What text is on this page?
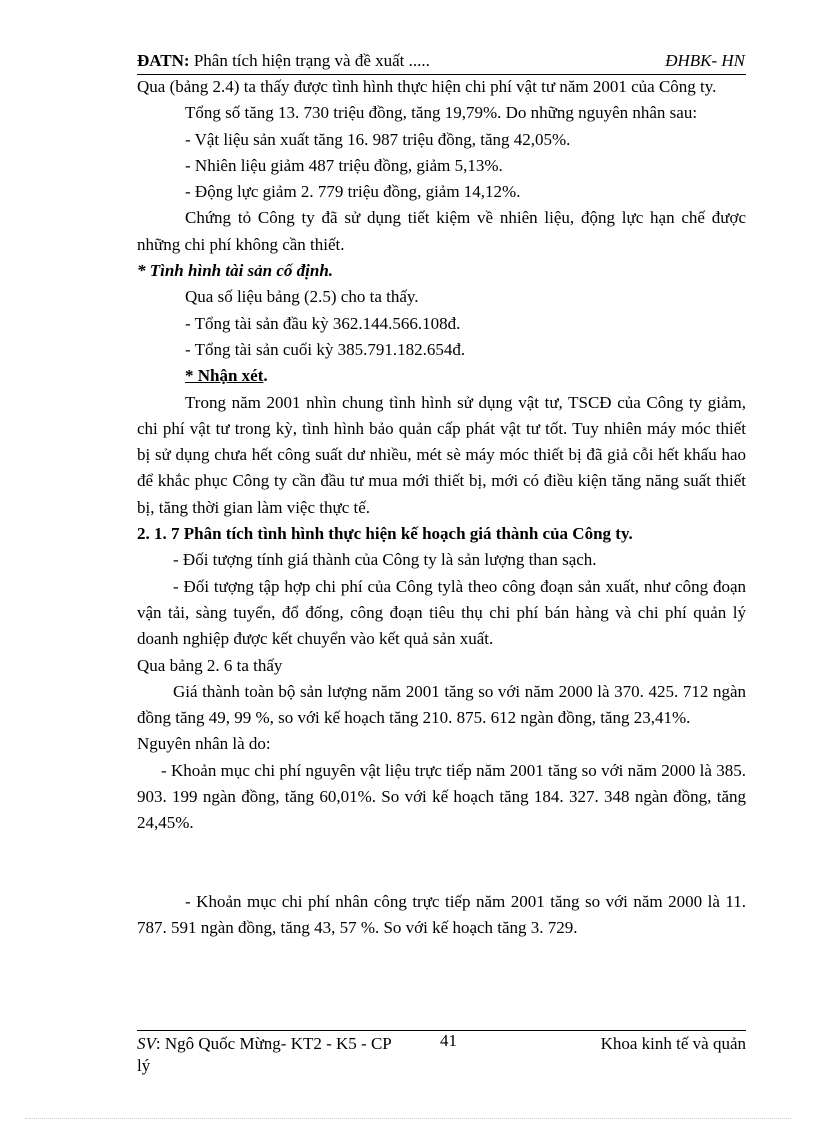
ĐATN: Phân tích hiện trạng và đề xuất .....	ĐHBK- HN

Qua (bảng 2.4) ta thấy được tình hình thực hiện chi phí vật tư năm 2001 của Công ty.

Tổng số tăng 13. 730 triệu đồng, tăng 19,79%. Do những nguyên nhân sau:

- Vật liệu sản xuất tăng 16. 987 triệu đồng, tăng 42,05%.

- Nhiên liệu giảm 487 triệu đồng, giảm 5,13%.

- Động lực giảm 2. 779 triệu đồng, giảm 14,12%.

Chứng tỏ Công ty đã sử dụng tiết kiệm về nhiên liệu, động lực hạn chế được những chi phí không cần thiết.

* Tình hình tài sản cố định.

Qua số liệu bảng (2.5) cho ta thấy.

- Tổng tài sản đầu kỳ 362.144.566.108đ.

- Tổng tài sản cuối kỳ 385.791.182.654đ.

* Nhận xét.

Trong năm 2001 nhìn chung tình hình sử dụng vật tư, TSCĐ của Công ty giảm, chi phí vật tư trong kỳ, tình hình bảo quản cấp phát vật tư tốt. Tuy nhiên máy móc thiết bị sử dụng chưa hết công suất dư nhiều, mét sè máy móc thiết bị đã giả cỗi hết khấu hao để khắc phục Công ty cần đầu tư mua mới thiết bị, mới có điều kiện tăng năng suất thiết bị, tăng thời gian làm việc thực tế.

2. 1. 7 Phân tích tình hình thực hiện kế hoạch giá thành của Công ty.

- Đối tượng tính giá thành của Công ty là sản lượng than sạch.

- Đối tượng tập hợp chi phí của Công tylà theo công đoạn sản xuất, như công đoạn vận tải, sàng tuyển, đổ đống, công đoạn tiêu thụ chi phí bán hàng và chi phí quản lý doanh nghiệp được kết chuyển vào kết quả sản xuất.

Qua bảng 2. 6 ta thấy

Giá thành toàn bộ sản lượng năm 2001 tăng so với năm 2000 là 370. 425. 712 ngàn đồng tăng 49, 99 %, so với kế hoạch tăng 210. 875. 612 ngàn đồng, tăng 23,41%.

Nguyên nhân là do:

- Khoản mục chi phí nguyên vật liệu trực tiếp năm 2001 tăng so với năm 2000 là 385. 903. 199 ngàn đồng, tăng 60,01%. So với kế hoạch tăng 184. 327. 348 ngàn đồng, tăng 24,45%.

- Khoản mục chi phí nhân công trực tiếp năm 2001 tăng so với năm 2000 là 11. 787. 591 ngàn đồng, tăng 43, 57 %. So với kế hoạch tăng 3. 729.

SV: Ngô Quốc Mừng- KT2 - K5 - CP	41	Khoa kinh tế và quản
lý
